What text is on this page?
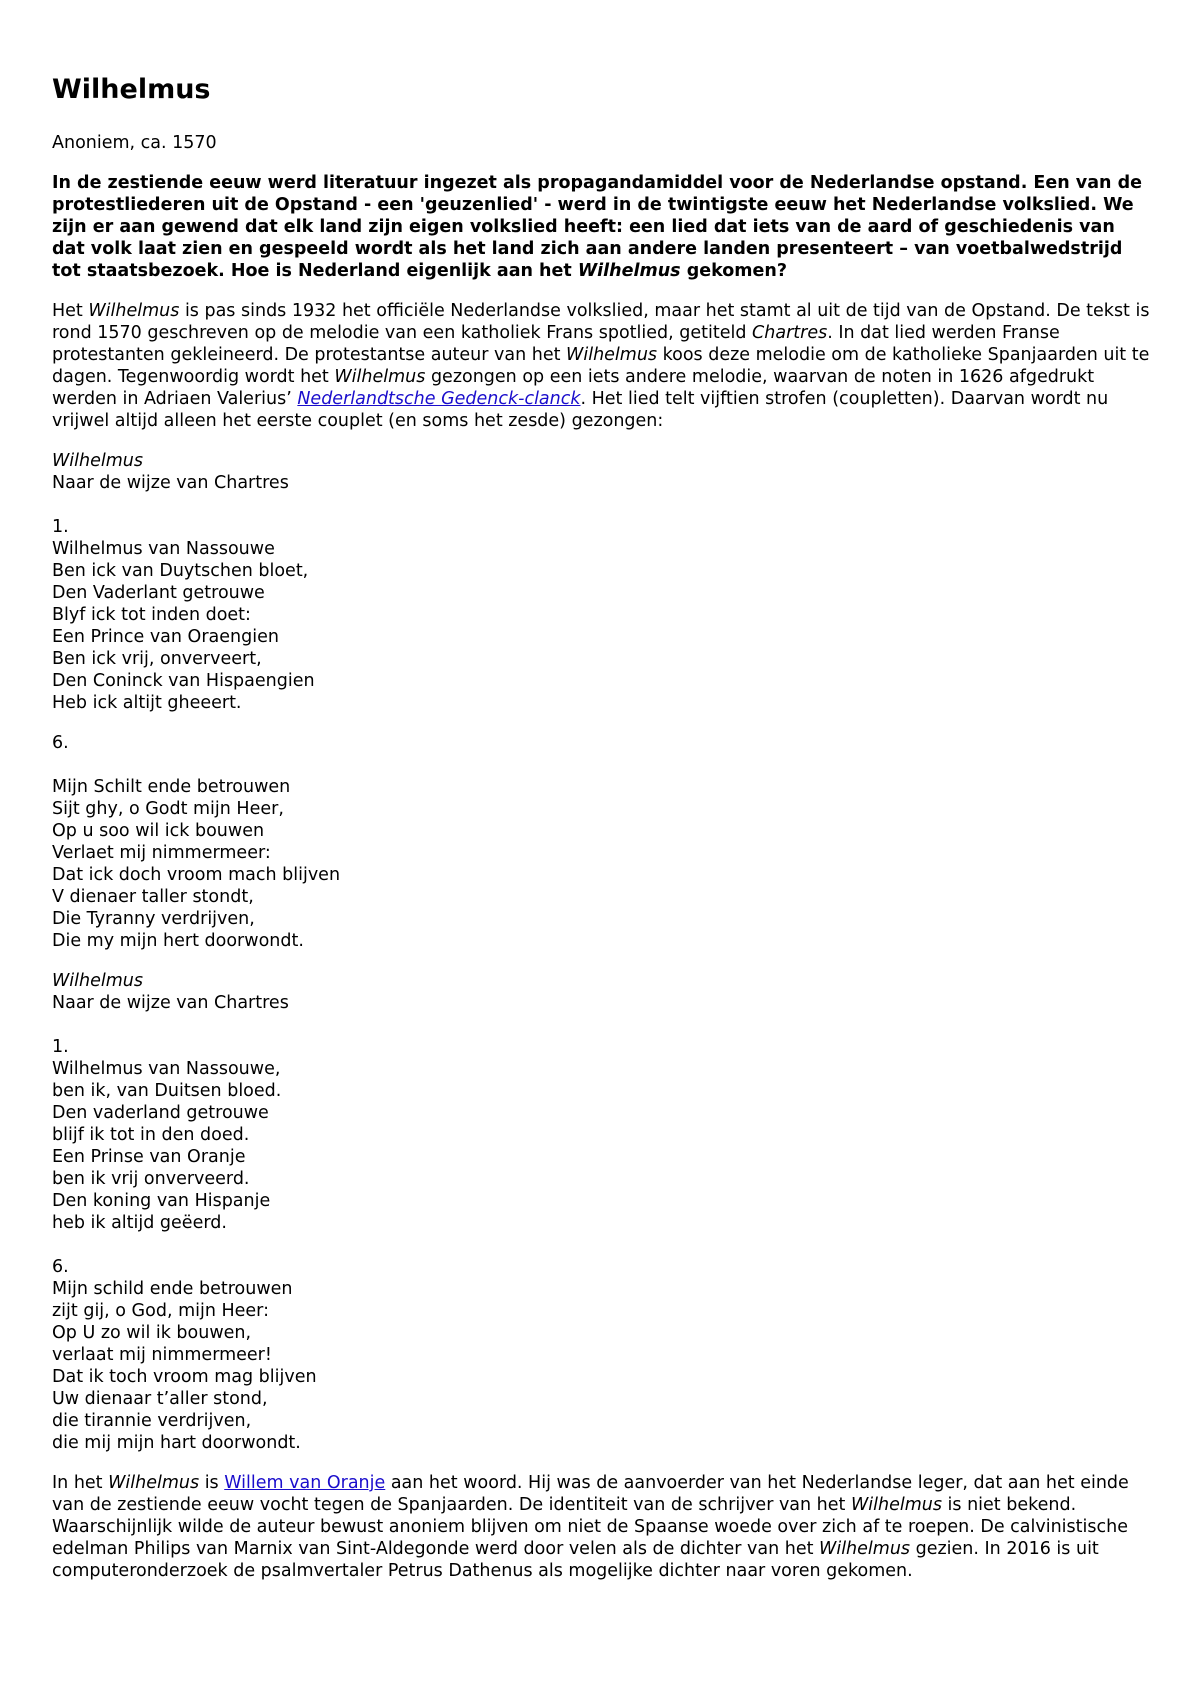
Wilhelmus

Anoniem, ca. 1570

In de zestiende eeuw werd literatuur ingezet als propagandamiddel voor de Nederlandse opstand. Een van de protestliederen uit de Opstand - een 'geuzenlied' - werd in de twintigste eeuw het Nederlandse volkslied. We zijn er aan gewend dat elk land zijn eigen volkslied heeft: een lied dat iets van de aard of geschiedenis van dat volk laat zien en gespeeld wordt als het land zich aan andere landen presenteert – van voetbalwedstrijd tot staatsbezoek. Hoe is Nederland eigenlijk aan het Wilhelmus gekomen?

Het Wilhelmus is pas sinds 1932 het officiële Nederlandse volkslied, maar het stamt al uit de tijd van de Opstand. De tekst is rond 1570 geschreven op de melodie van een katholiek Frans spotlied, getiteld Chartres. In dat lied werden Franse protestanten gekleineerd. De protestantse auteur van het Wilhelmus koos deze melodie om de katholieke Spanjaarden uit te dagen. Tegenwoordig wordt het Wilhelmus gezongen op een iets andere melodie, waarvan de noten in 1626 afgedrukt werden in Adriaen Valerius’ Nederlandtsche Gedenck-clanck. Het lied telt vijftien strofen (coupletten). Daarvan wordt nu vrijwel altijd alleen het eerste couplet (en soms het zesde) gezongen:

Wilhelmus
Naar de wijze van Chartres
1.
Wilhelmus van Nassouwe
Ben ick van Duytschen bloet,
Den Vaderlant getrouwe
Blyf ick tot inden doet:
Een Prince van Oraengien
Ben ick vrij, onverveert,
Den Coninck van Hispaengien
Heb ick altijt gheeert.
6.
Mijn Schilt ende betrouwen
Sijt ghy, o Godt mijn Heer,
Op u soo wil ick bouwen
Verlaet mij nimmermeer:
Dat ick doch vroom mach blijven
V dienaer taller stondt,
Die Tyranny verdrijven,
Die my mijn hert doorwondt.
Wilhelmus
Naar de wijze van Chartres
1.
Wilhelmus van Nassouwe,
ben ik, van Duitsen bloed.
Den vaderland getrouwe
blijf ik tot in den doed.
Een Prinse van Oranje
ben ik vrij onverveerd.
Den koning van Hispanje
heb ik altijd geëerd.
6.
Mijn schild ende betrouwen
zijt gij, o God, mijn Heer:
Op U zo wil ik bouwen,
verlaat mij nimmermeer!
Dat ik toch vroom mag blijven
Uw dienaar t’aller stond,
die tirannie verdrijven,
die mij mijn hart doorwondt.

In het Wilhelmus is Willem van Oranje aan het woord. Hij was de aanvoerder van het Nederlandse leger, dat aan het einde van de zestiende eeuw vocht tegen de Spanjaarden. De identiteit van de schrijver van het Wilhelmus is niet bekend. Waarschijnlijk wilde de auteur bewust anoniem blijven om niet de Spaanse woede over zich af te roepen. De calvinistische edelman Philips van Marnix van Sint-Aldegonde werd door velen als de dichter van het Wilhelmus gezien. In 2016 is uit computeronderzoek de psalmvertaler Petrus Dathenus als mogelijke dichter naar voren gekomen.
